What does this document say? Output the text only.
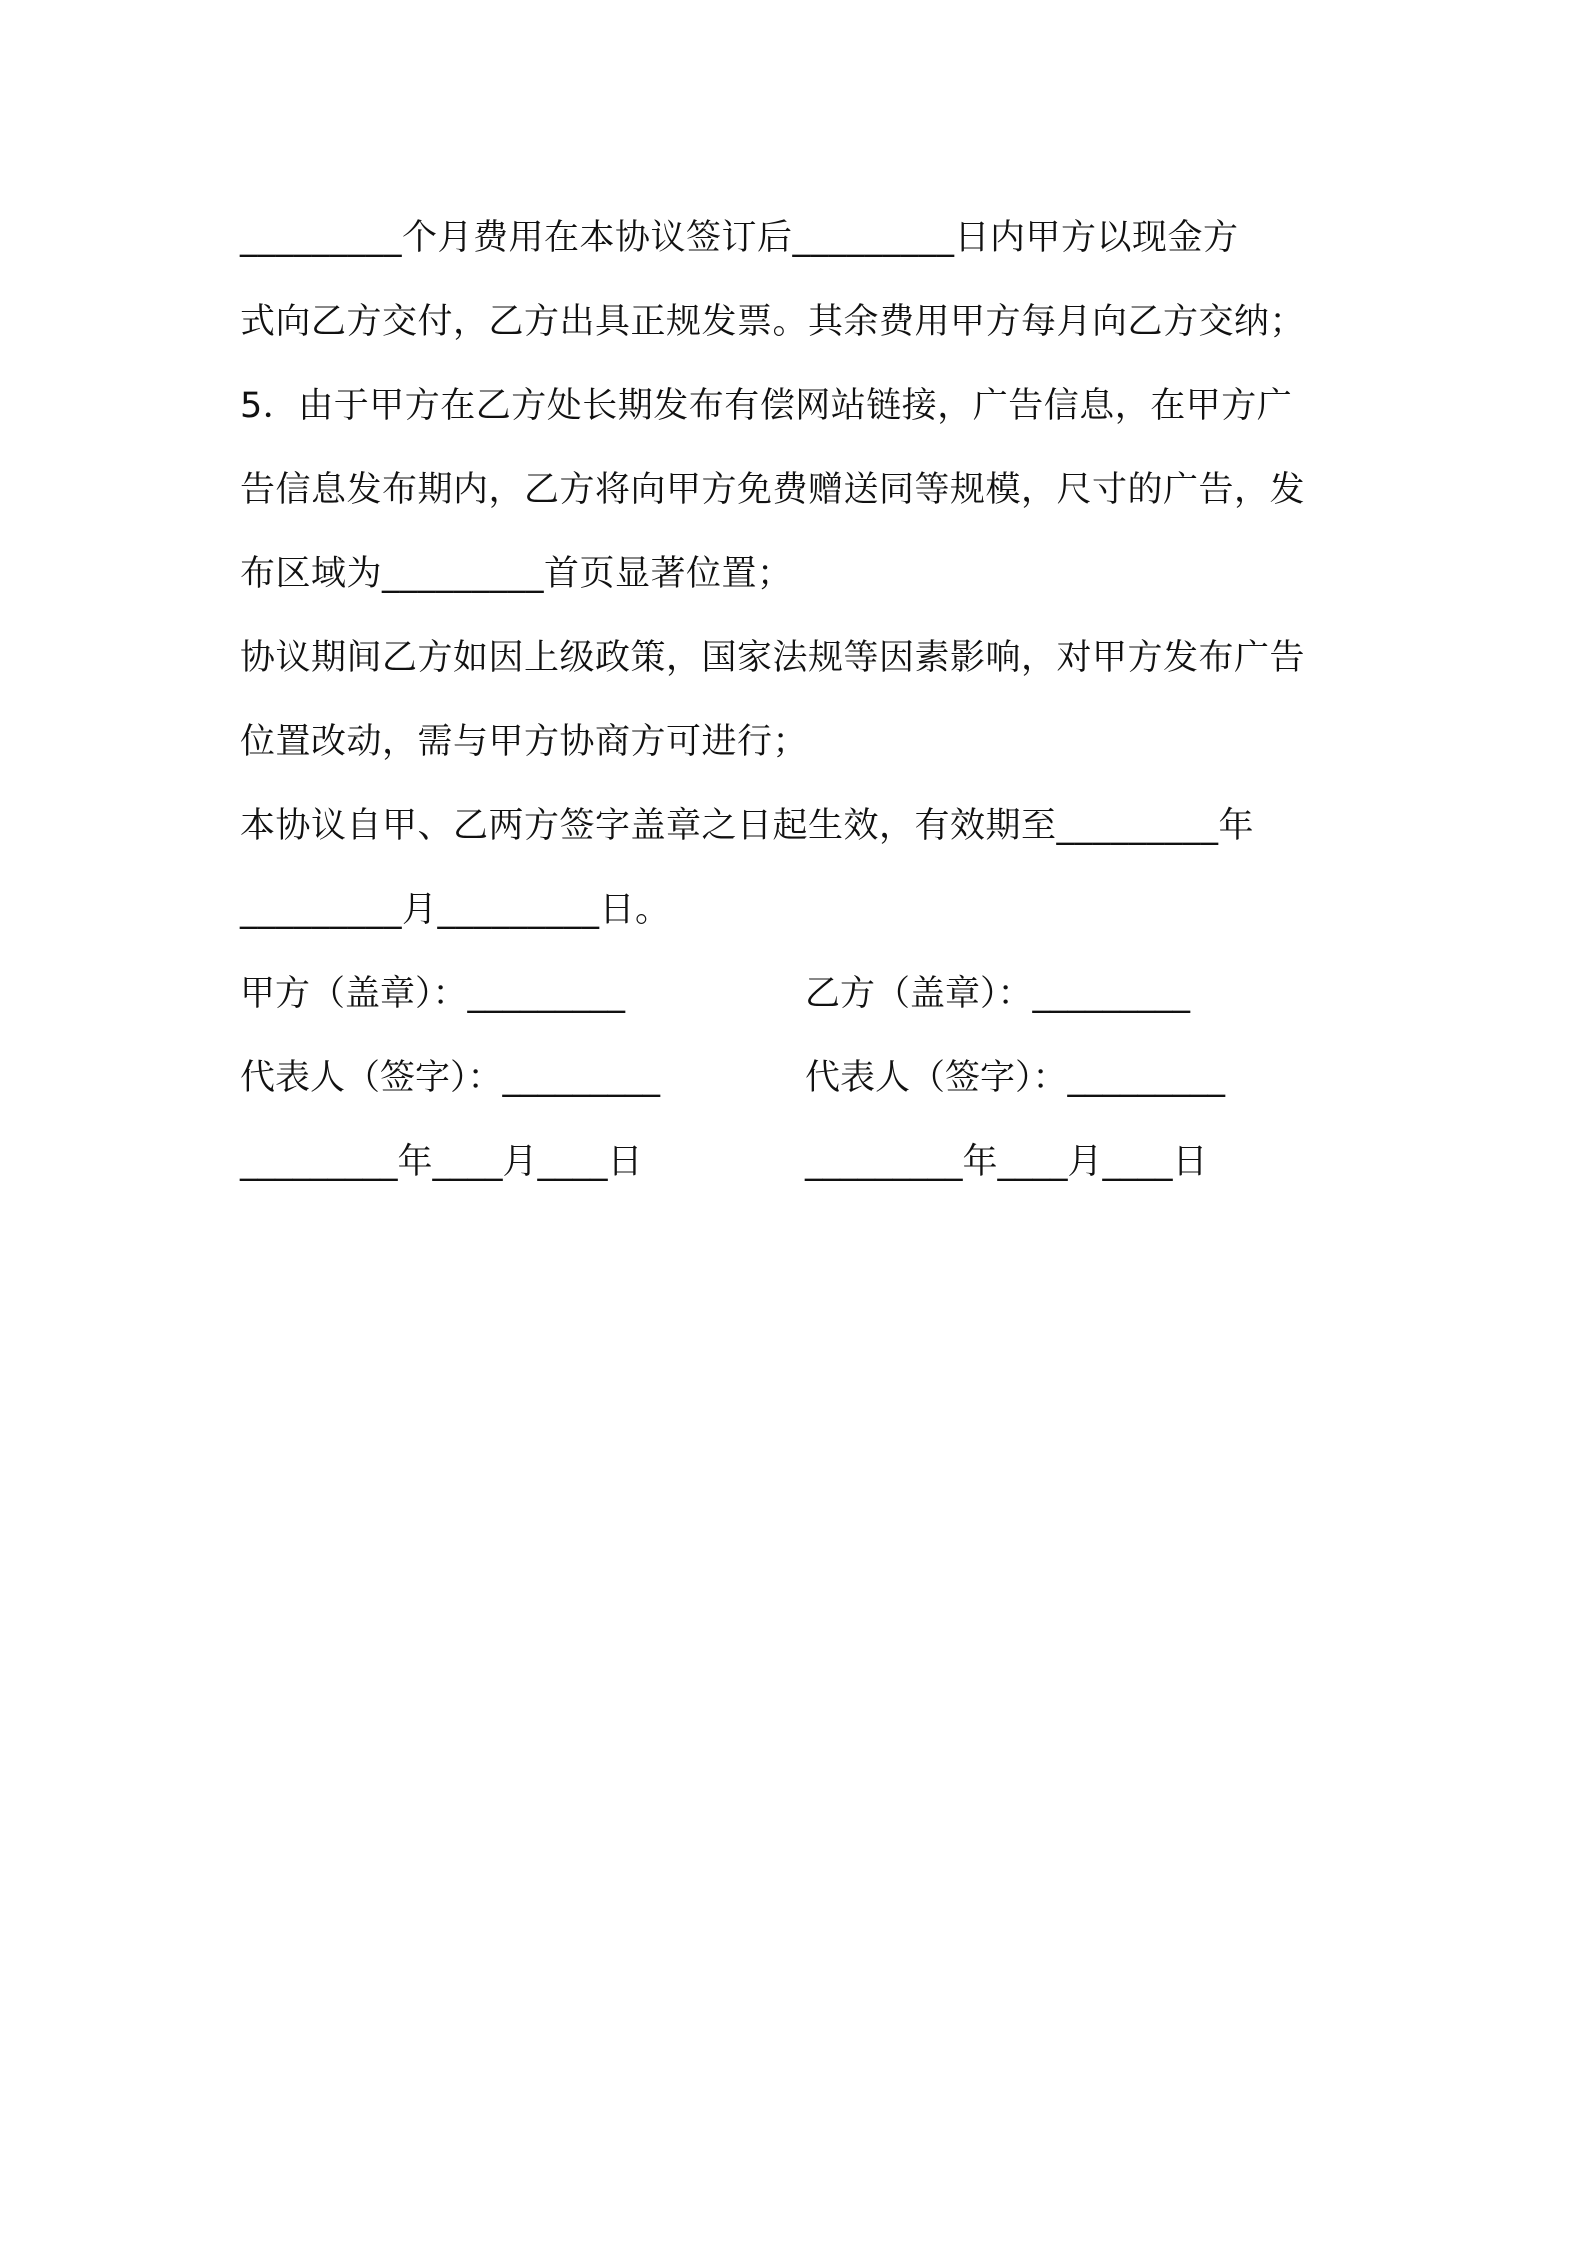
_________个月费用在本协议签订后_________日内甲方以现金方
式向乙方交付，乙方出具正规发票。其余费用甲方每月向乙方交纳；
5．由于甲方在乙方处长期发布有偿网站链接，广告信息，在甲方广
告信息发布期内，乙方将向甲方免费赠送同等规模，尺寸的广告，发
布区域为_________首页显著位置；
协议期间乙方如因上级政策，国家法规等因素影响，对甲方发布广告
位置改动，需与甲方协商方可进行；
本协议自甲、乙两方签字盖章之日起生效，有效期至_________年
_________月_________日。
甲方（盖章）：_________	乙方（盖章）：_________
代表人（签字）：_________	代表人（签字）：_________
_________年____月____日	_________年____月____日
